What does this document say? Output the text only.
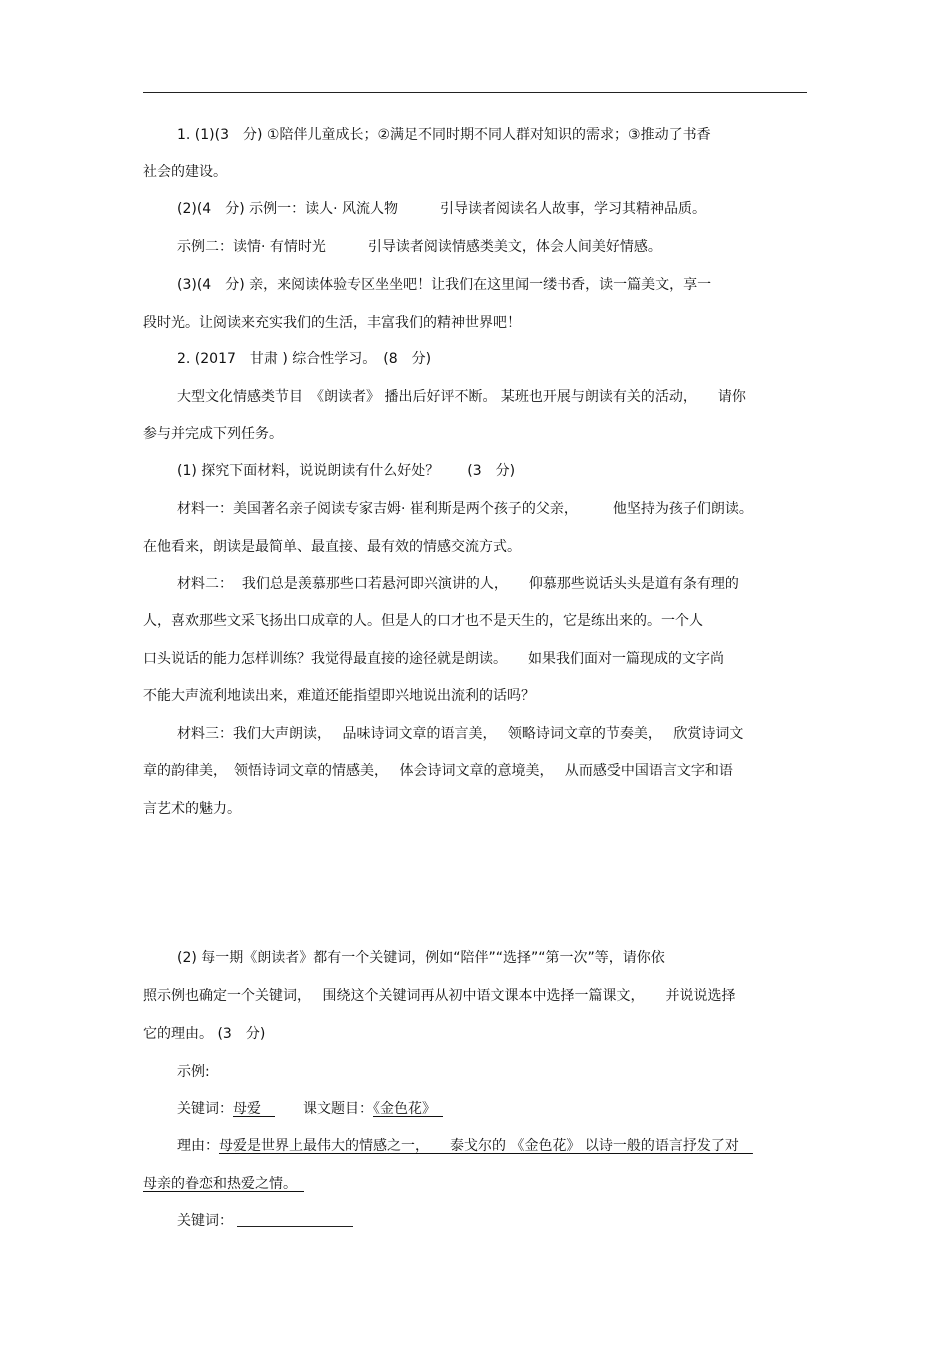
1. (1)(3　分) ①陪伴儿童成长；②满足不同时期不同人群对知识的需求；③推动了书香
社会的建设。
(2)(4　分) 示例一：读人· 风流人物　　　引导读者阅读名人故事，学习其精神品质。
示例二：读情· 有情时光　　　引导读者阅读情感类美文，体会人间美好情感。
(3)(4　分) 亲，来阅读体验专区坐坐吧！让我们在这里闻一缕书香，读一篇美文，享一
段时光。让阅读来充实我们的生活，丰富我们的精神世界吧！
2. (2017　甘肃 ) 综合性学习。　(8　分)
大型文化情感类节目　《朗读者》 播出后好评不断。 某班也开展与朗读有关的活动，　　请你
参与并完成下列任务。
(1) 探究下面材料，说说朗读有什么好处？　　(3　分)
材料一：美国著名亲子阅读专家吉姆· 崔利斯是两个孩子的父亲，　　　他坚持为孩子们朗读。
在他看来，朗读是最简单、最直接、最有效的情感交流方式。
材料二：  我们总是羡慕那些口若悬河即兴演讲的人，　　仰慕那些说话头头是道有条有理的
人，喜欢那些文采飞扬出口成章的人。但是人的口才也不是天生的，它是练出来的。一个人
口头说话的能力怎样训练？我觉得最直接的途径就是朗读。　　如果我们面对一篇现成的文字尚
不能大声流利地读出来，难道还能指望即兴地说出流利的话吗？
材料三：我们大声朗读，　 品味诗词文章的语言美，　 领略诗词文章的节奏美，　 欣赏诗词文
章的韵律美，　领悟诗词文章的情感美，　 体会诗词文章的意境美，　 从而感受中国语言文字和语
言艺术的魅力。
(2) 每一期《朗读者》都有一个关键词，例如“陪伴”“选择”“第一次”等，请你依
照示例也确定一个关键词，　 围绕这个关键词再从初中语文课本中选择一篇课文，　　并说说选择
它的理由。 (3　分)
示例:
关键词：母爱　　　课文题目：《金色花》　
理由：母爱是世界上最伟大的情感之一，　　泰戈尔的 《金色花》 以诗一般的语言抒发了对　
母亲的眷恋和热爱之情。　
关键词：
